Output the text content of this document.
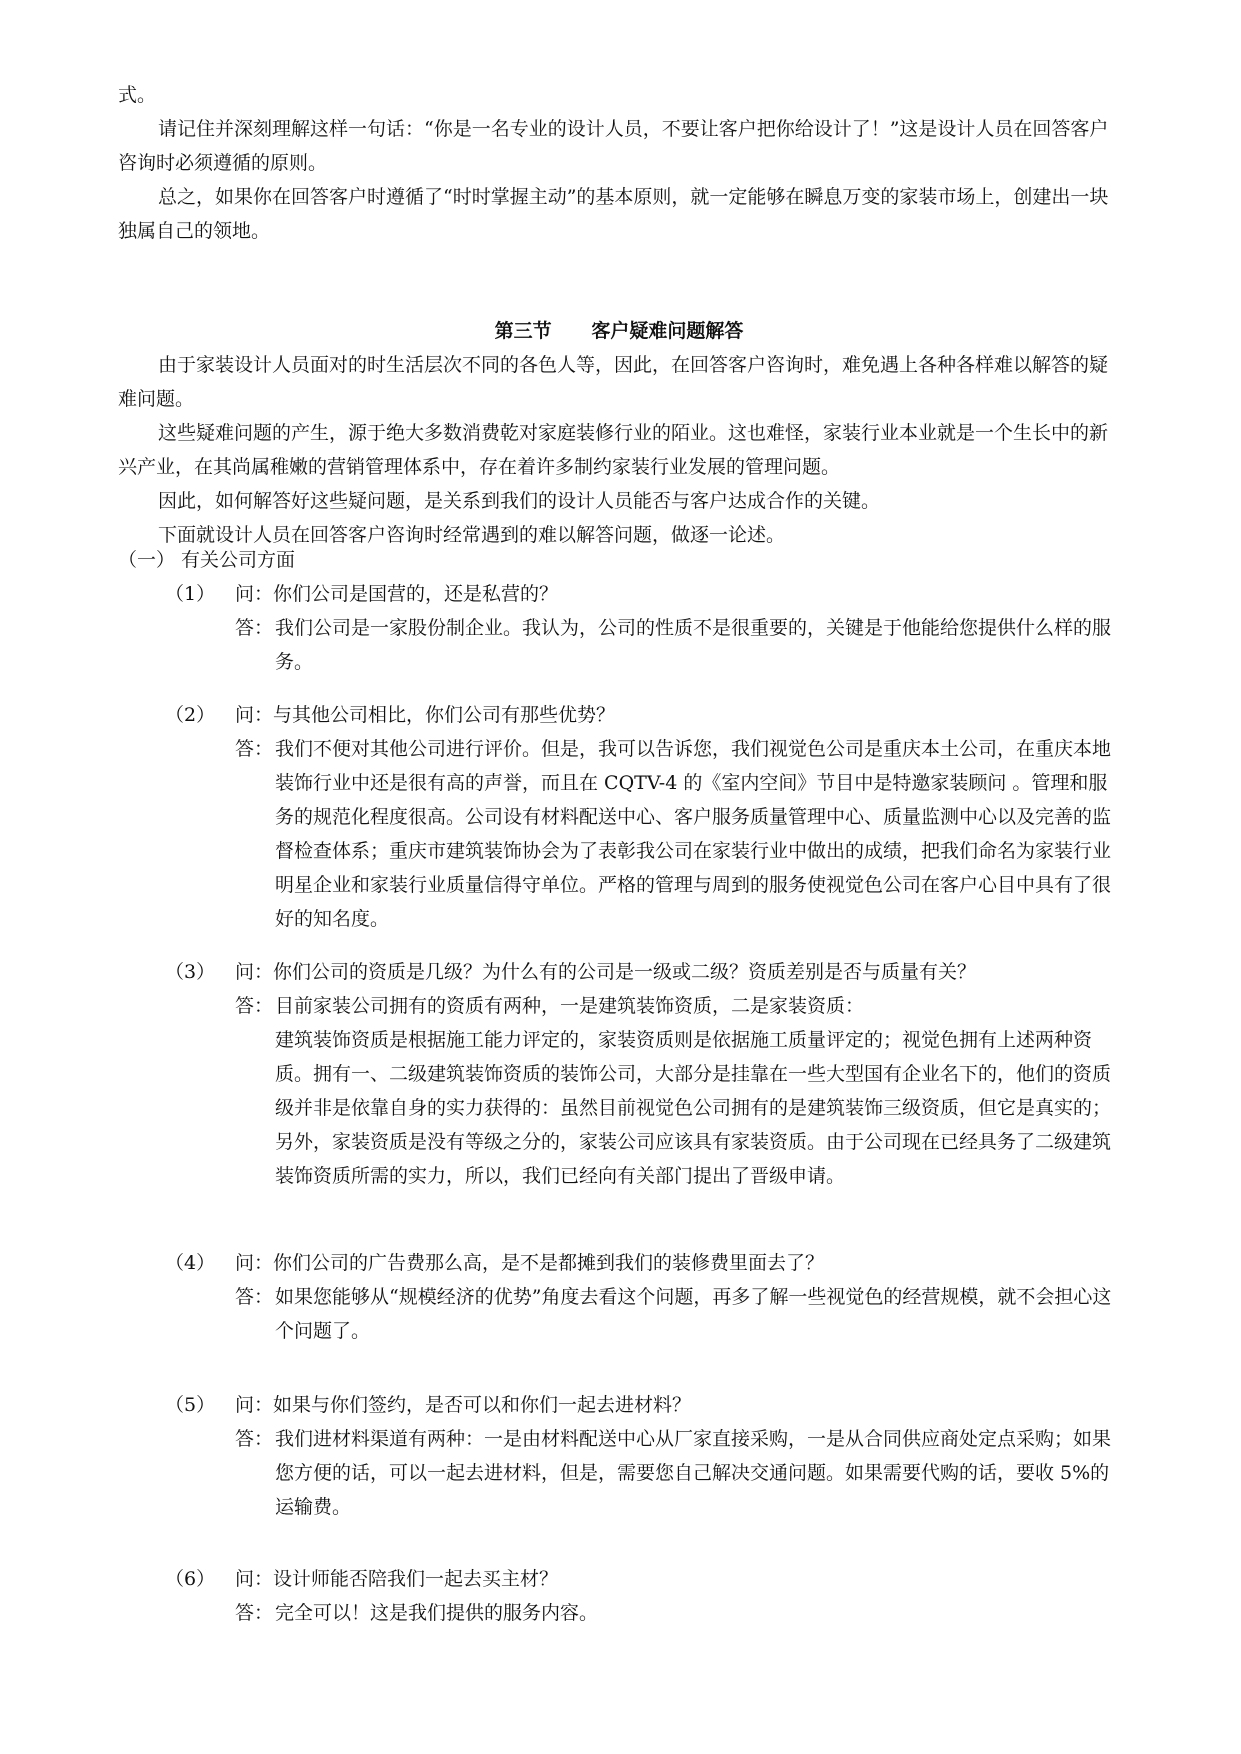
式。

请记住并深刻理解这样一句话：“你是一名专业的设计人员，不要让客户把你给设计了！”这是设计人员在回答客户咨询时必须遵循的原则。

总之，如果你在回答客户时遵循了“时时掌握主动”的基本原则，就一定能够在瞬息万变的家装市场上，创建出一块独属自己的领地。

第三节      客户疑难问题解答

由于家装设计人员面对的时生活层次不同的各色人等，因此，在回答客户咨询时，难免遇上各种各样难以解答的疑难问题。

这些疑难问题的产生，源于绝大多数消费乾对家庭装修行业的陌业。这也难怪，家装行业本业就是一个生长中的新兴产业，在其尚属稚嫩的营销管理体系中，存在着许多制约家装行业发展的管理问题。

因此，如何解答好这些疑问题，是关系到我们的设计人员能否与客户达成合作的关键。

下面就设计人员在回答客户咨询时经常遇到的难以解答问题，做逐一论述。

（一） 有关公司方面
（1）	问：你们公司是国营的，还是私营的？
答： 我们公司是一家股份制企业。我认为，公司的性质不是很重要的，关键是于他能给您提供什么样的服务。

（2）	问：与其他公司相比，你们公司有那些优势？
答： 我们不便对其他公司进行评价。但是，我可以告诉您，我们视觉色公司是重庆本土公司，在重庆本地装饰行业中还是很有高的声誉，而且在 CQTV-4 的《室内空间》节目中是特邀家装顾问 。管理和服务的规范化程度很高。公司设有材料配送中心、客户服务质量管理中心、质量监测中心以及完善的监督检查体系；重庆市建筑装饰协会为了表彰我公司在家装行业中做出的成绩，把我们命名为家装行业明星企业和家装行业质量信得守单位。严格的管理与周到的服务使视觉色公司在客户心目中具有了很好的知名度。

（3）	问：你们公司的资质是几级？为什么有的公司是一级或二级？资质差别是否与质量有关？
答： 目前家装公司拥有的资质有两种，一是建筑装饰资质，二是家装资质：

建筑装饰资质是根据施工能力评定的，家装资质则是依据施工质量评定的；视觉色拥有上述两种资质。拥有一、二级建筑装饰资质的装饰公司，大部分是挂靠在一些大型国有企业名下的，他们的资质级并非是依靠自身的实力获得的：虽然目前视觉色公司拥有的是建筑装饰三级资质，但它是真实的；另外，家装资质是没有等级之分的，家装公司应该具有家装资质。由于公司现在已经具务了二级建筑装饰资质所需的实力，所以，我们已经向有关部门提出了晋级申请。

（4）	问：你们公司的广告费那么高，是不是都摊到我们的装修费里面去了？
答： 如果您能够从“规模经济的优势”角度去看这个问题，再多了解一些视觉色的经营规模，就不会担心这个问题了。

（5）	问：如果与你们签约，是否可以和你们一起去进材料？
答： 我们进材料渠道有两种：一是由材料配送中心从厂家直接采购，一是从合同供应商处定点采购；如果您方便的话，可以一起去进材料，但是，需要您自己解决交通问题。如果需要代购的话，要收 5%的运输费。

（6）	问：设计师能否陪我们一起去买主材？
答： 完全可以！这是我们提供的服务内容。
